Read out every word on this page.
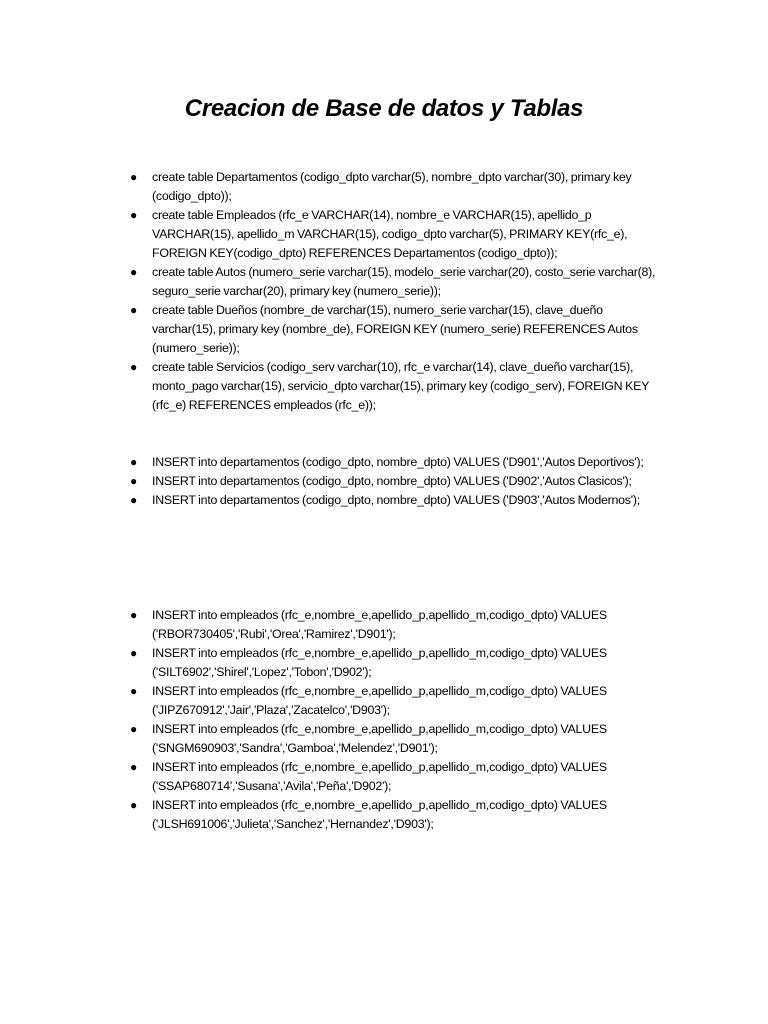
Creacion de Base de datos y Tablas
● create table Departamentos (codigo_dpto varchar(5), nombre_dpto varchar(30), primary key (codigo_dpto));
● create table Empleados (rfc_e VARCHAR(14), nombre_e VARCHAR(15), apellido_p VARCHAR(15), apellido_m VARCHAR(15), codigo_dpto varchar(5), PRIMARY KEY(rfc_e), FOREIGN KEY(codigo_dpto) REFERENCES Departamentos (codigo_dpto));
● create table Autos (numero_serie varchar(15), modelo_serie varchar(20), costo_serie varchar(8), seguro_serie varchar(20), primary key (numero_serie));
● create table Dueños (nombre_de varchar(15), numero_serie varchar(15), clave_dueño varchar(15), primary key (nombre_de), FOREIGN KEY (numero_serie) REFERENCES Autos (numero_serie));
● create table Servicios (codigo_serv varchar(10), rfc_e varchar(14), clave_dueño varchar(15), monto_pago varchar(15), servicio_dpto varchar(15), primary key (codigo_serv), FOREIGN KEY (rfc_e) REFERENCES empleados (rfc_e));
● INSERT into departamentos (codigo_dpto, nombre_dpto) VALUES ('D901','Autos Deportivos');
● INSERT into departamentos (codigo_dpto, nombre_dpto) VALUES ('D902','Autos Clasicos');
● INSERT into departamentos (codigo_dpto, nombre_dpto) VALUES ('D903','Autos Modernos');
● INSERT into empleados (rfc_e,nombre_e,apellido_p,apellido_m,codigo_dpto) VALUES ('RBOR730405','Rubi','Orea','Ramirez','D901');
● INSERT into empleados (rfc_e,nombre_e,apellido_p,apellido_m,codigo_dpto) VALUES ('SILT6902','Shirel','Lopez','Tobon','D902');
● INSERT into empleados (rfc_e,nombre_e,apellido_p,apellido_m,codigo_dpto) VALUES ('JIPZ670912','Jair','Plaza','Zacatelco','D903');
● INSERT into empleados (rfc_e,nombre_e,apellido_p,apellido_m,codigo_dpto) VALUES ('SNGM690903','Sandra','Gamboa','Melendez','D901');
● INSERT into empleados (rfc_e,nombre_e,apellido_p,apellido_m,codigo_dpto) VALUES ('SSAP680714','Susana','Avila','Peña','D902');
● INSERT into empleados (rfc_e,nombre_e,apellido_p,apellido_m,codigo_dpto) VALUES ('JLSH691006','Julieta','Sanchez','Hernandez','D903');
